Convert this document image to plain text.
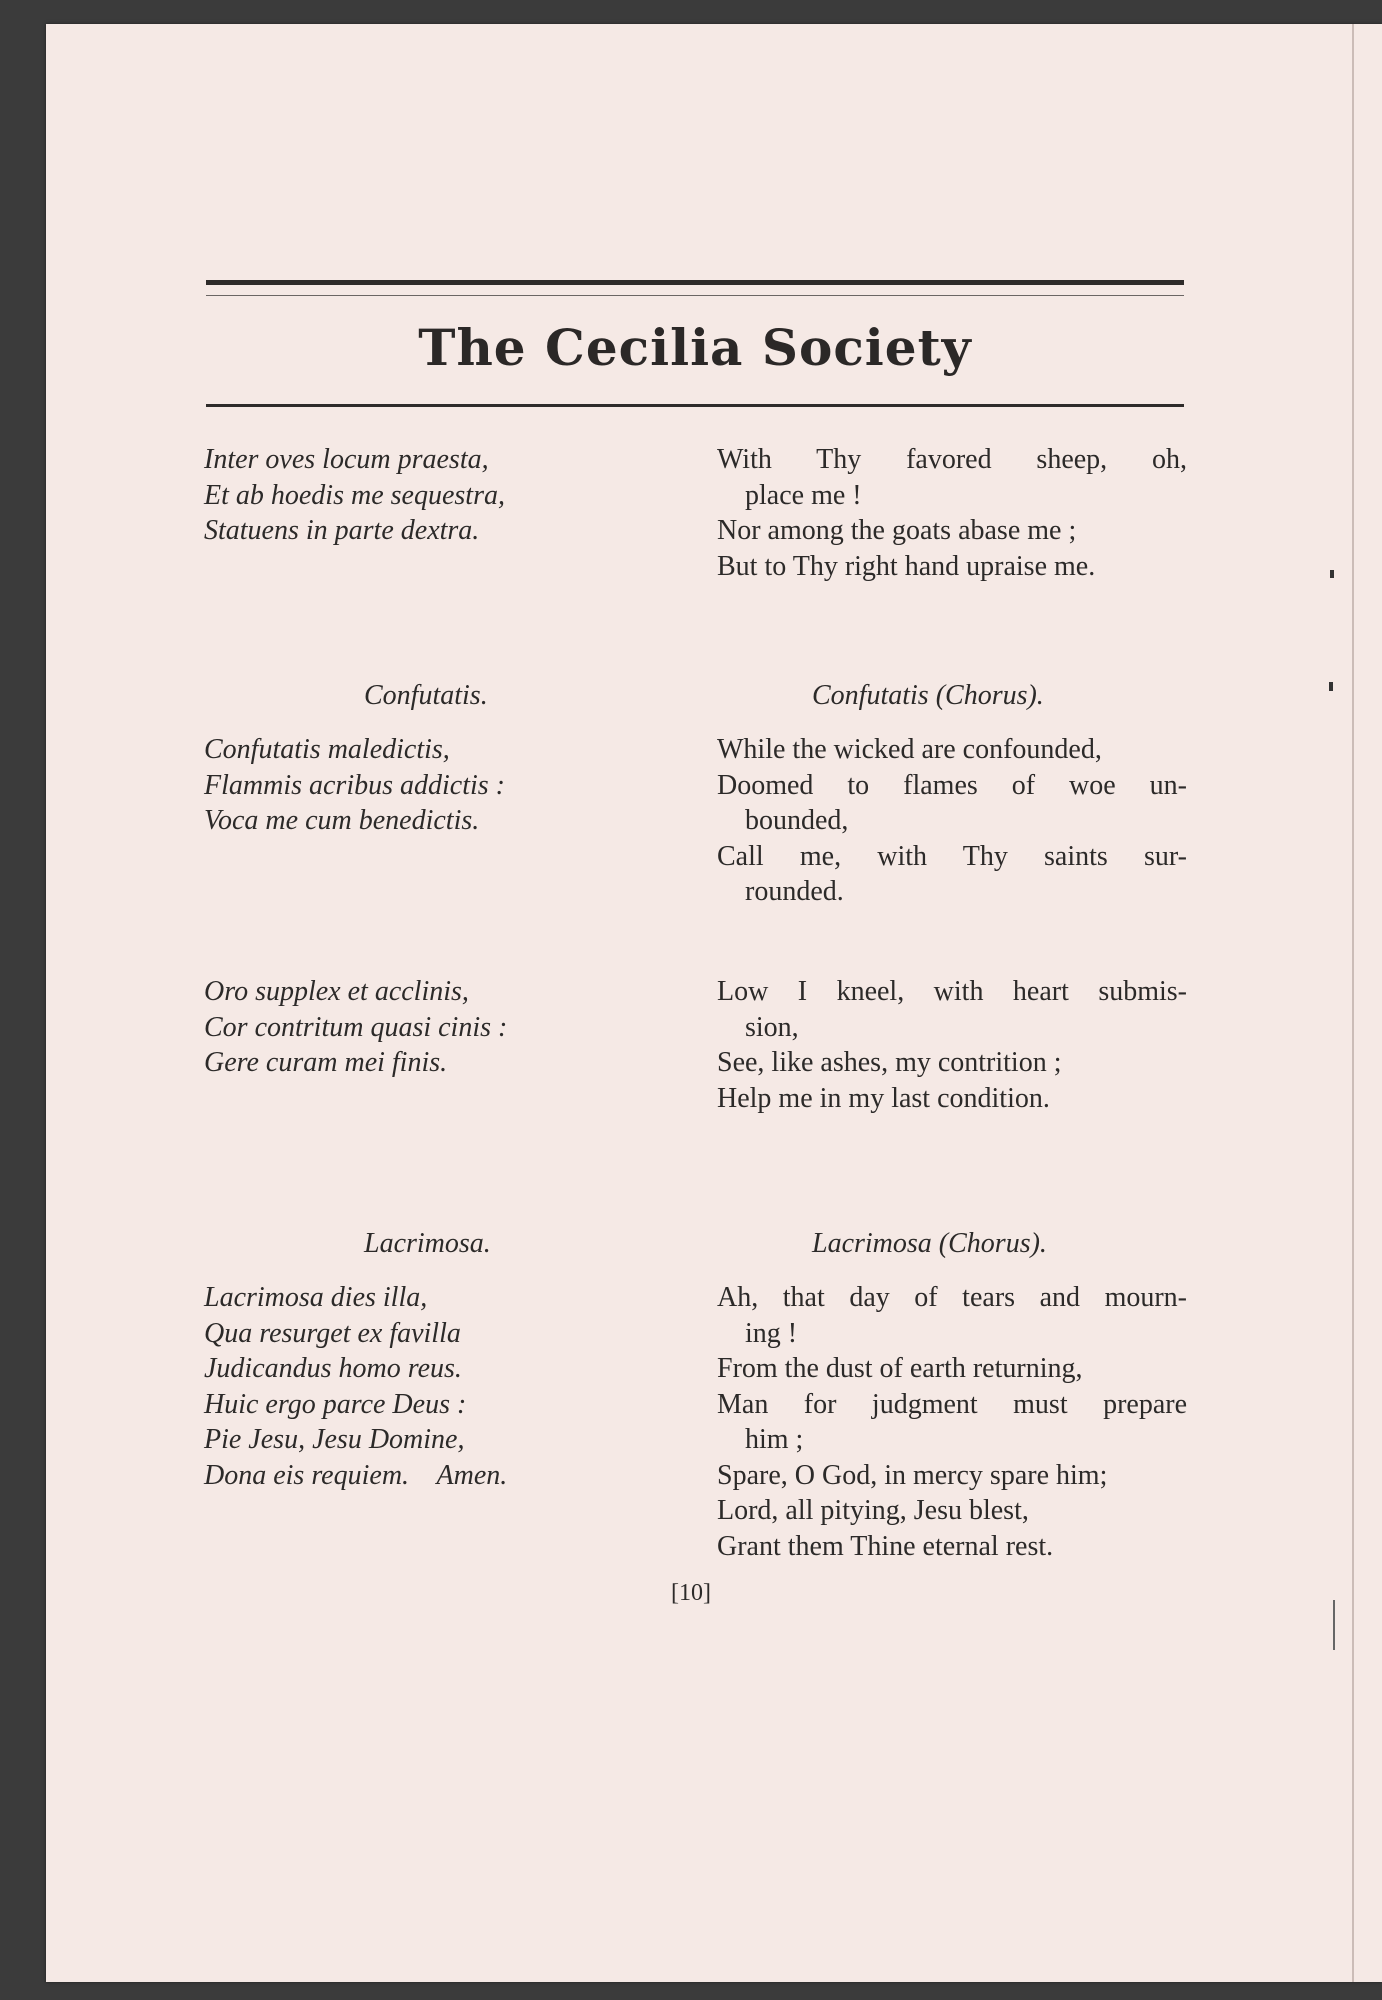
The Cecilia Society
Inter oves locum praesta,
Et ab hoedis me sequestra,
Statuens in parte dextra.
With Thy favored sheep, oh,
place me !
Nor among the goats abase me ;
But to Thy right hand upraise me.
Confutatis.	Confutatis (Chorus).
Confutatis maledictis,
Flammis acribus addictis :
Voca me cum benedictis.
While the wicked are confounded,
Doomed to flames of woe un-
bounded,
Call me, with Thy saints sur-
rounded.
Oro supplex et acclinis,
Cor contritum quasi cinis :
Gere curam mei finis.
Low I kneel, with heart submis-
sion,
See, like ashes, my contrition ;
Help me in my last condition.
Lacrimosa.	Lacrimosa (Chorus).
Lacrimosa dies illa,
Qua resurget ex favilla
Judicandus homo reus.
Huic ergo parce Deus :
Pie Jesu, Jesu Domine,
Dona eis requiem.    Amen.
Ah, that day of tears and mourn-
ing !
From the dust of earth returning,
Man for judgment must prepare
him ;
Spare, O God, in mercy spare him;
Lord, all pitying, Jesu blest,
Grant them Thine eternal rest.
[10]
